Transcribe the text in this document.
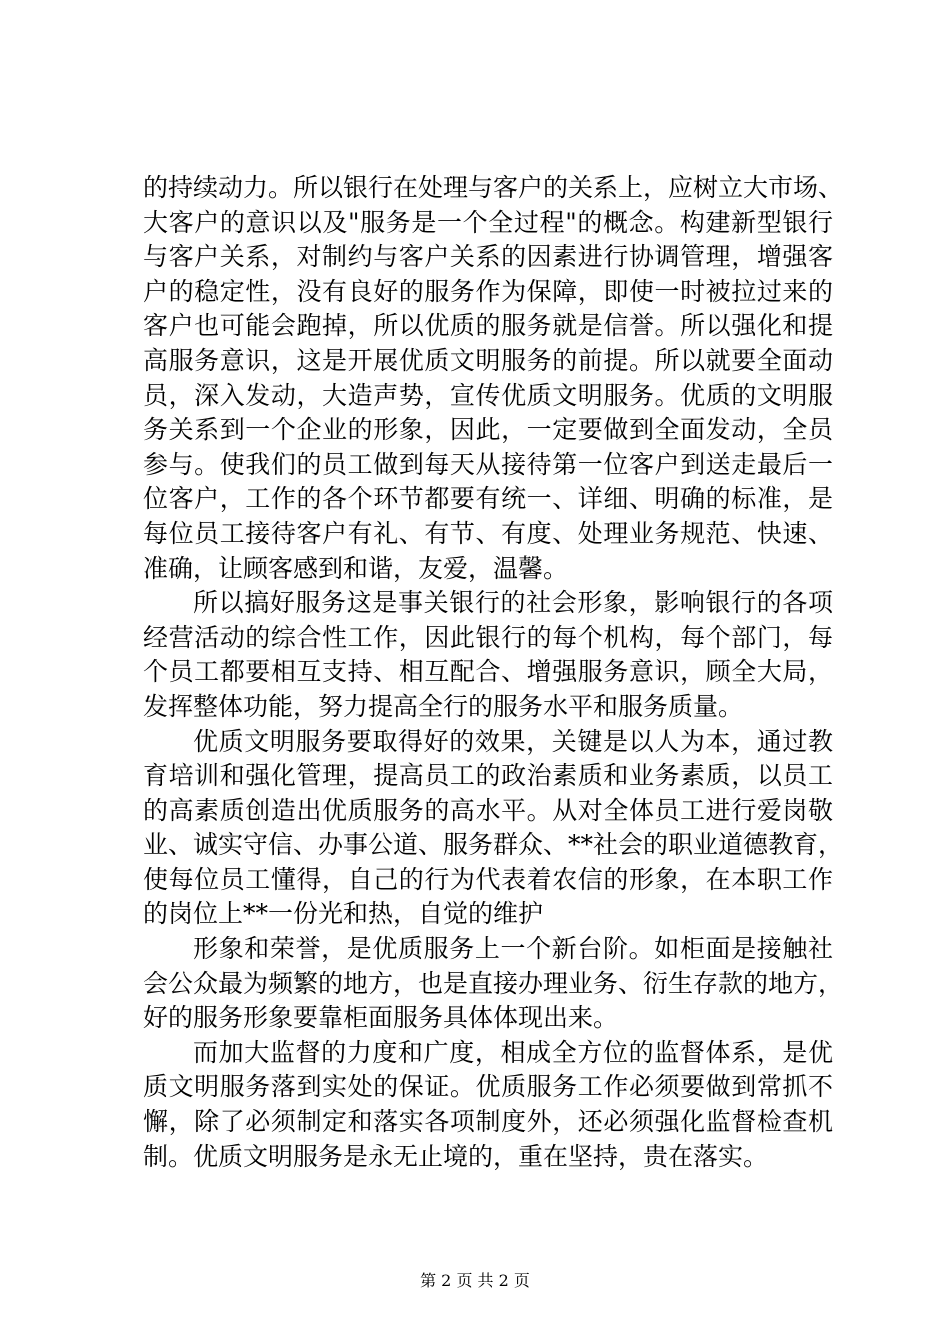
的持续动力。所以银行在处理与客户的关系上，应树立大市场、
大客户的意识以及"服务是一个全过程"的概念。构建新型银行
与客户关系，对制约与客户关系的因素进行协调管理，增强客
户的稳定性，没有良好的服务作为保障，即使一时被拉过来的
客户也可能会跑掉，所以优质的服务就是信誉。所以强化和提
高服务意识，这是开展优质文明服务的前提。所以就要全面动
员，深入发动，大造声势，宣传优质文明服务。优质的文明服
务关系到一个企业的形象，因此，一定要做到全面发动，全员
参与。使我们的员工做到每天从接待第一位客户到送走最后一
位客户，工作的各个环节都要有统一、详细、明确的标准，是
每位员工接待客户有礼、有节、有度、处理业务规范、快速、
准确，让顾客感到和谐，友爱，温馨。
所以搞好服务这是事关银行的社会形象，影响银行的各项
经营活动的综合性工作，因此银行的每个机构，每个部门，每
个员工都要相互支持、相互配合、增强服务意识，顾全大局，
发挥整体功能，努力提高全行的服务水平和服务质量。
优质文明服务要取得好的效果，关键是以人为本，通过教
育培训和强化管理，提高员工的政治素质和业务素质，以员工
的高素质创造出优质服务的高水平。从对全体员工进行爱岗敬
业、诚实守信、办事公道、服务群众、**社会的职业道德教育，
使每位员工懂得，自己的行为代表着农信的形象，在本职工作
的岗位上**一份光和热，自觉的维护
形象和荣誉，是优质服务上一个新台阶。如柜面是接触社
会公众最为频繁的地方，也是直接办理业务、衍生存款的地方，
好的服务形象要靠柜面服务具体体现出来。
而加大监督的力度和广度，相成全方位的监督体系，是优
质文明服务落到实处的保证。优质服务工作必须要做到常抓不
懈，除了必须制定和落实各项制度外，还必须强化监督检查机
制。优质文明服务是永无止境的，重在坚持，贵在落实。
第 2 页 共 2 页
